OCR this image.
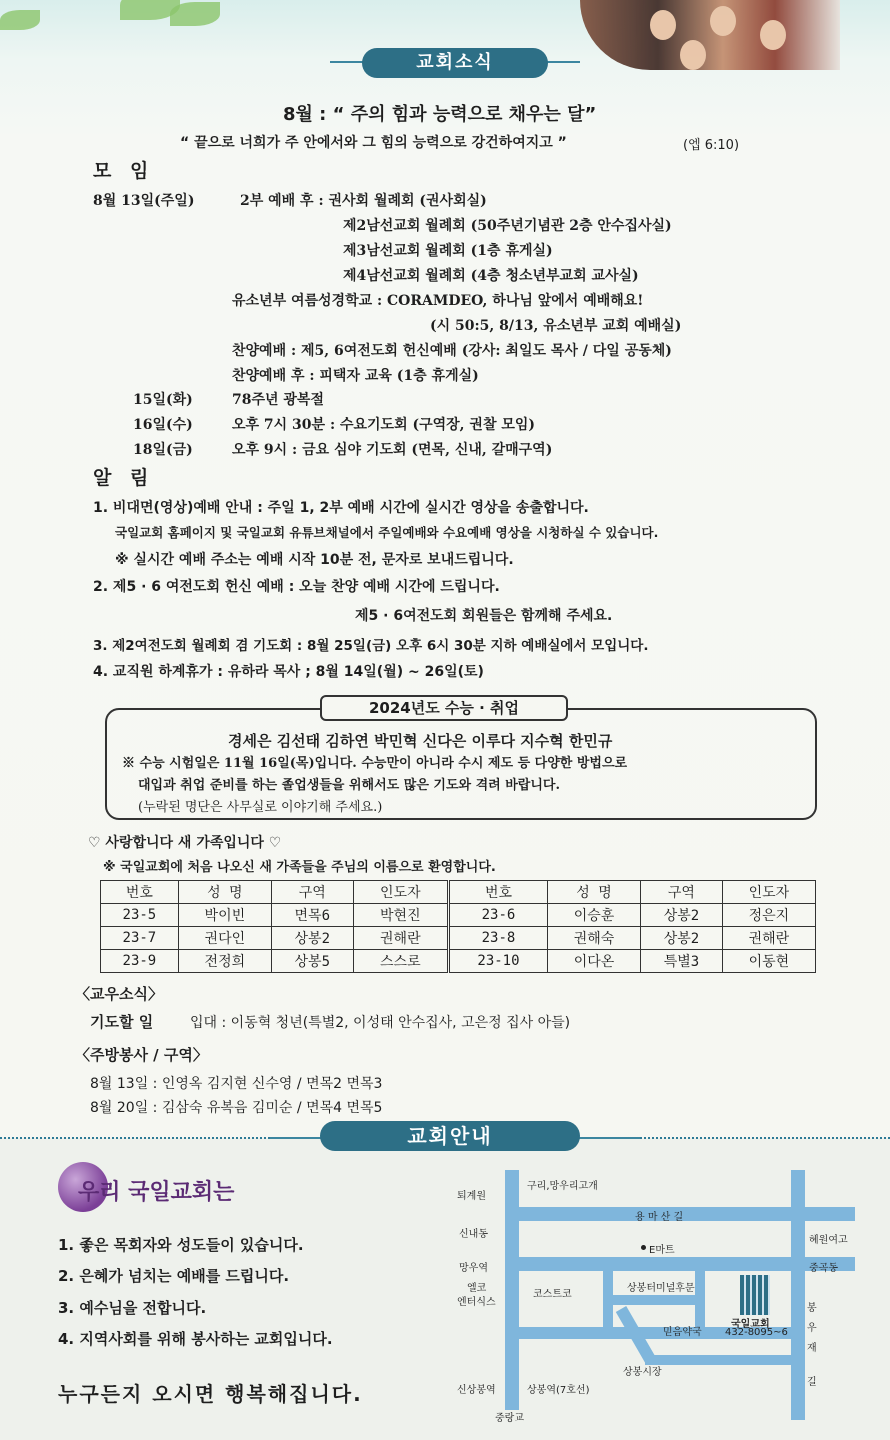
교회소식
8월 : “ 주의 힘과 능력으로 채우는 달”
“ 끝으로 너희가 주 안에서와 그 힘의 능력으로 강건하여지고 ”	(엡 6:10)
모 임
8월 13일(주일)	2부 예배 후 : 권사회 월례회 (권사회실)
제2남선교회 월례회 (50주년기념관 2층 안수집사실)
제3남선교회 월례회 (1층 휴게실)
제4남선교회 월례회 (4층 청소년부교회 교사실)
유소년부 여름성경학교 : CORAMDEO, 하나님 앞에서 예배해요!
(시 50:5, 8/13, 유소년부 교회 예배실)
찬양예배 : 제5, 6여전도회 헌신예배 (강사: 최일도 목사 / 다일 공동체)
찬양예배 후 : 피택자 교육 (1층 휴게실)
15일(화)	78주년 광복절
16일(수)	오후 7시 30분 : 수요기도회 (구역장, 권찰 모임)
18일(금)	오후 9시 : 금요 심야 기도회 (면목, 신내, 갈매구역)
알 림
1. 비대면(영상)예배 안내 : 주일 1, 2부 예배 시간에 실시간 영상을 송출합니다.
국일교회 홈페이지 및 국일교회 유튜브채널에서 주일예배와 수요예배 영상을 시청하실 수 있습니다.
※ 실시간 예배 주소는 예배 시작 10분 전, 문자로 보내드립니다.
2. 제5 · 6 여전도회 헌신 예배 : 오늘 찬양 예배 시간에 드립니다.
제5 · 6여전도회 회원들은 함께해 주세요.
3. 제2여전도회 월례회 겸 기도회 : 8월 25일(금) 오후 6시 30분 지하 예배실에서 모입니다.
4. 교직원 하계휴가 : 유하라 목사 ; 8월 14일(월) ~ 26일(토)
2024년도 수능 · 취업
경세은 김선태 김하연 박민혁 신다은 이루다 지수혁 한민규
※ 수능 시험일은 11월 16일(목)입니다. 수능만이 아니라 수시 제도 등 다양한 방법으로
대입과 취업 준비를 하는 졸업생들을 위해서도 많은 기도와 격려 바랍니다.
(누락된 명단은 사무실로 이야기해 주세요.)
♡ 사랑합니다 새 가족입니다 ♡
※ 국일교회에 처음 나오신 새 가족들을 주님의 이름으로 환영합니다.
번호	성 명	구역	인도자	번호	성 명	구역	인도자
23-5	박이빈	면목6	박현진	23-6	이승훈	상봉2	정은지
23-7	권다인	상봉2	권해란	23-8	권해숙	상봉2	권해란
23-9	전정희	상봉5	스스로	23-10	이다온	특별3	이동현
〈교우소식〉
기도할 일	입대 : 이동혁 청년(특별2, 이성태 안수집사, 고은정 집사 아들)
〈주방봉사 / 구역〉
8월 13일 : 인영옥 김지현 신수영 / 면목2 면목3
8월 20일 : 김삼숙 유복음 김미순 / 면목4 면목5
교회안내
우리 국일교회는
1. 좋은 목회자와 성도들이 있습니다.
2. 은혜가 넘치는 예배를 드립니다.
3. 예수님을 전합니다.
4. 지역사회를 위해 봉사하는 교회입니다.
누구든지 오시면 행복해집니다.
퇴계원
구리,망우리고개
용 마 산 길
신내동
혜원여고
E마트
망우역	중곡동
엘코
엔터식스
코스트코
상봉터미널후문
국일교회
432-8095~6
봉
우
재
길
믿음약국
상봉시장
신상봉역	상봉역(7호선)
중랑교
